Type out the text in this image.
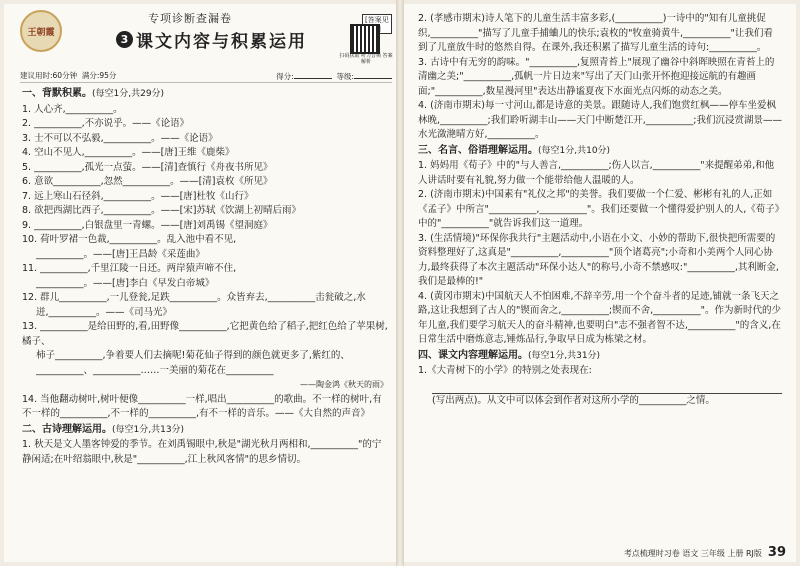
王朝霞
专项诊断查漏卷
3 课文内容与积累运用
[答案见
扫码获取 听力音频 答案解析
建议用时:60分钟 满分:95分	得分:	等级:
一、背默积累。(每空1分,共29分)
1. 人心齐,__________。
2. __________,不亦说乎。——《论语》
3. 士不可以不弘毅,__________。——《论语》
4. 空山不见人,__________。——[唐]王维《鹿柴》
5. __________,孤光一点萤。——[清]查慎行《舟夜书所见》
6. 意欲__________,忽然__________。——[清]袁枚《所见》
7. 远上寒山石径斜,__________。——[唐]杜牧《山行》
8. 欲把西湖比西子,__________。——[宋]苏轼《饮湖上初晴后雨》
9. __________,白银盘里一青螺。——[唐]刘禹锡《望洞庭》
10. 荷叶罗裙一色裁,__________。乱入池中看不见,
__________。——[唐]王昌龄《采莲曲》
11. __________,千里江陵一日还。两岸猿声啼不住,
__________。——[唐]李白《早发白帝城》
12. 群儿__________,一儿登瓮,足跌__________。众皆弃去,__________击瓮破之,水
迸,__________。——《司马光》
13. __________是给田野的,看,田野像__________,它把黄色给了稻子,把红色给了苹果树,橘子、
柿子__________,争着要人们去摘呢!菊花仙子得到的颜色就更多了,紫红的、__________、__________……一美丽的菊花在__________
——陶金鸿《秋天的雨》
14. 当他翻动树叶,树叶便像__________一样,唱出__________的歌曲。不一样的树叶,有不一样的__________,不一样的__________,有不一样的音乐。——《大自然的声音》
二、古诗理解运用。(每空1分,共13分)
1. 秋天是文人墨客钟爱的季节。在刘禹锡眼中,秋是"湖光秋月两相和,__________"的宁静闲适;在叶绍翁眼中,秋是"__________,江上秋风客情"的思乡情切。
2. (孝感市期末)诗人笔下的儿童生活丰富多彩,(__________)一诗中的"知有儿童挑促织,__________"描写了儿童手捕蛐儿的快乐;袁枚的"牧童骑黄牛,__________"让我们看到了儿童放牛时的悠然自得。在课外,我还积累了描写儿童生活的诗句:__________。
3. 古诗中有无穷的韵味。"__________,复照青苔上"展现了幽谷中斜晖映照在青苔上的清幽之美;"__________,孤帆一片日边来"写出了天门山张开怀抱迎接远航的有趣画面;"__________,数星漫河里"表达出静谧夏夜下水面光点闪烁的动态之美。
4. (济南市期末)每一寸河山,都是诗意的美景。跟随诗人,我们饱赏红枫——停车坐爱枫林晚,__________;我们聆听湖丰山——天门中断楚江开,__________;我们沉浸赏湖景——水光潋滟晴方好,__________。
三、名言、俗语理解运用。(每空1分,共10分)
1. 妈妈用《荀子》中的"与人善言,__________;伤人以言,__________"来提醒弟弟,和他人讲话时要有礼貌,努力做一个能带给他人温暖的人。
2. (济南市期末)中国素有"礼仪之邦"的美誉。我们要做一个仁爱、彬彬有礼的人,正如《孟子》中所言"__________,__________"。我们还要做一个懂得爱护别人的人,《荀子》中的"__________"就告诉我们这一道理。
3. (生活情境)"环保你我共行"主题活动中,小语在小文、小妙的帮助下,很快把所需要的资料整理好了,这真是"__________,__________"顶个诸葛亮";小奇和小美两个人同心协力,最终获得了本次主题活动"环保小达人"的称号,小奇不禁感叹:"__________,其利断金,我们是最棒的!"
4. (黄冈市期末)中国航天人不怕困难,不辞辛劳,用一个个奋斗者的足迹,铺就一条飞天之路,这让我想到了古人的"锲而舍之,__________;锲而不舍,__________"。作为新时代的少年儿童,我们要学习航天人的奋斗精神,也要明白"志不强者智不达,__________"的含义,在日常生活中磨炼意志,锤炼品行,争取早日成为栋梁之材。
四、课文内容理解运用。(每空1分,共31分)
1.《大青树下的小学》的特别之处表现在:
(写出两点)。从文中可以体会到作者对这所小学的__________之情。
考点梳理时习卷 语文 三年级 上册 RJ版 39
